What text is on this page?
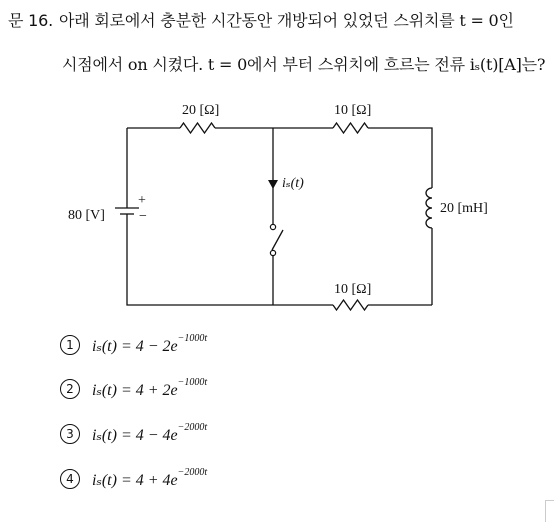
문 16. 아래 회로에서 충분한 시간동안 개방되어 있었던 스위치를 t = 0인
시점에서 on 시켰다. t = 0에서 부터 스위치에 흐르는 전류 iₛ(t)[A]는?
20 [Ω]	10 [Ω]
10 [Ω]
80 [V]
+
−
20 [mH]
iₛ(t)
1 $i_s(t) = 4 - 2e^{-1000t}$
2 $i_s(t) = 4 + 2e^{-1000t}$
3 $i_s(t) = 4 - 4e^{-2000t}$
4 $i_s(t) = 4 + 4e^{-2000t}$
